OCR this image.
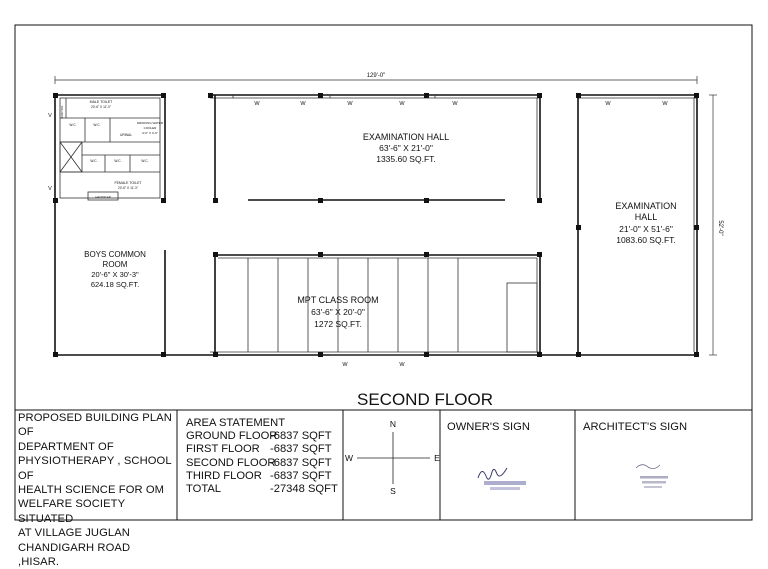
129'-0"
52'-0"
MALE TOILET
20'-6" X 11'-0"
W.C.	W.C.
URINAL
DRINKING WATER
COOLER
6'-0" X 4'-0"
W.C.	W.C.	W.C.
FEMALE TOILET
20'-6" X 11'-3"
HANDICAP
JANITOR
W	W	W	W	W	W	W
W	W
V
V
EXAMINATION HALL
63'-6" X 21'-0"
1335.60 SQ.FT.
EXAMINATION
HALL
21'-0" X 51'-6"
1083.60 SQ.FT.
BOYS COMMON
ROOM
20'-6" X 30'-3"
624.18 SQ.FT.
MPT CLASS ROOM
63'-6" X 20'-0"
1272 SQ.FT.
SECOND FLOOR
N
S
E
W
PROPOSED BUILDING PLAN OF
DEPARTMENT OF
PHYSIOTHERAPY , SCHOOL OF
HEALTH SCIENCE FOR OM
WELFARE SOCIETY SITUATED
AT VILLAGE JUGLAN
CHANDIGARH ROAD ,HISAR.
AREA STATEMENT
GROUND FLOOR
-6837 SQFT
FIRST FLOOR -6837 SQFT
SECOND FLOOR
-6837 SQFT
THIRD FLOOR -6837 SQFT
TOTAL	-27348 SQFT
OWNER'S SIGN	ARCHITECT'S SIGN
